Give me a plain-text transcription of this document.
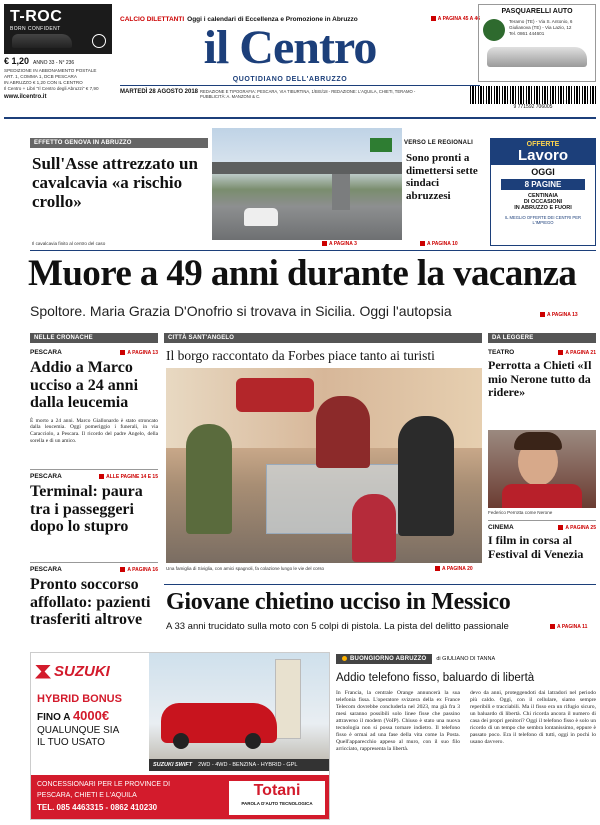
T-ROC
BORN CONFIDENT
€ 1,20 ANNO 33 - N° 236
SPEDIZIONE IN ABBONAMENTO POSTALE
ART. 1, COMMA 1, DCB PESCARA
IN ABRUZZO € 1,20 CON IL CENTRO
Il Centro + Libri "Il Centro degli Abruzzi" € 7,90
www.ilcentro.it
CALCIO DILETTANTI Oggi i calendari di Eccellenza e Promozione in Abruzzo	A PAGINA 45 A 46
il Centro
QUOTIDIANO DELL'ABRUZZO
MARTEDÌ 28 AGOSTO 2018 REDAZIONE E TIPOGRAFIA: PESCARA, VIA TIBURTINA, 1/BIS/18 - REDAZIONE: L'AQUILA, CHIETI, TERAMO - PUBBLICITÀ: A. MANZONI & C.
9 771592 706005
PASQUARELLI AUTO
Teramo (TE) - Via S. Antonio, 6
Giulianova (TE) - Via Lazio, 12
Tel. 0861 444601
EFFETTO GENOVA IN ABRUZZO
Sull'Asse attrezzato un cavalcavia «a rischio crollo»
Il cavalcavia finito al centro del caso	A PAGINA 3
VERSO LE REGIONALI
Sono pronti a dimettersi sette sindaci abruzzesi
A PAGINA 10
OFFERTE
Lavoro
OGGI
8 PAGINE
CENTINAIA
DI OCCASIONI
IN ABRUZZO E FUORI
IL MEGLIO OFFERTE DEI CENTRI PER L'IMPIEGO
Muore a 49 anni durante la vacanza
Spoltore. Maria Grazia D'Onofrio si trovava in Sicilia. Oggi l'autopsia	A PAGINA 13
NELLE CRONACHE
PESCARA	A PAGINA 13
Addio a Marco ucciso a 24 anni dalla leucemia
È morto a 24 anni. Marco Giallonardo è stato stroncato dalla leucemia. Oggi pomeriggio i funerali, in via Caracciolo, a Pescara. Il ricordo del padre Angelo, della sorella e di un amico.
PESCARA	ALLE PAGINE 14 E 15
Terminal: paura tra i passeggeri dopo lo stupro
PESCARA	A PAGINA 16
Pronto soccorso affollato: pazienti trasferiti altrove
CITTÀ SANT'ANGELO
Il borgo raccontato da Forbes piace tanto ai turisti
Una famiglia di Siviglia, con amici spagnoli, fa colazione lungo le vie del corso	A PAGINA 20
DA LEGGERE
TEATRO	A PAGINA 21
Perrotta a Chieti «Il mio Nerone tutto da ridere»
Federico Perrotta come Nerone
CINEMA	A PAGINA 25
I film in corsa al Festival di Venezia
Giovane chietino ucciso in Messico
A 33 anni trucidato sulla moto con 5 colpi di pistola. La pista del delitto passionale	A PAGINA 11
SUZUKI
HYBRID BONUS
FINO A 4000€
QUALUNQUE SIA
IL TUO USATO
SUZUKI SWIFT 2WD - 4WD - BENZINA - HYBRID - GPL
CONCESSIONARI PER LE PROVINCE DI
PESCARA, CHIETI E L'AQUILA
TEL. 085 4463315 - 0862 410230
Totani
PAROLA D'AUTO TECNOLOGICA
BUONGIORNO ABRUZZO	di GIULIANO DI TANNA
Addio telefono fisso, baluardo di libertà
In Francia, la centrale Orange annuncerà la sua telefonia fissa. L'operatore svizzera della ex France Telecom dovrebbe concluderla nel 2023, ma già fra 3 mesi saranno possibili solo linee fisse che passino attraverso il modem (VoIP). Chiuso è stato una nuova tecnologia non si possa tornare indietro. Il telefono fisso è ormai ad una fase della vita come la Posta. Quell'apparecchio appeso al muro, con il suo filo arricciato, rappresenta la libertà.
devo da anni, proteggendoti dai latradori nel periodo più caldo. Oggi, con il cellulare, siamo sempre reperibili e tracciabili. Ma il fisso era un rifugio sicuro, un baluardo di libertà. Chi ricorda ancora il numero di casa dei propri genitori? Oggi il telefono fisso è solo un ricordo di un tempo che sembra lontanissimo, eppure è passato poco. Era il telefono di tutti, oggi in pochi lo usano davvero.
